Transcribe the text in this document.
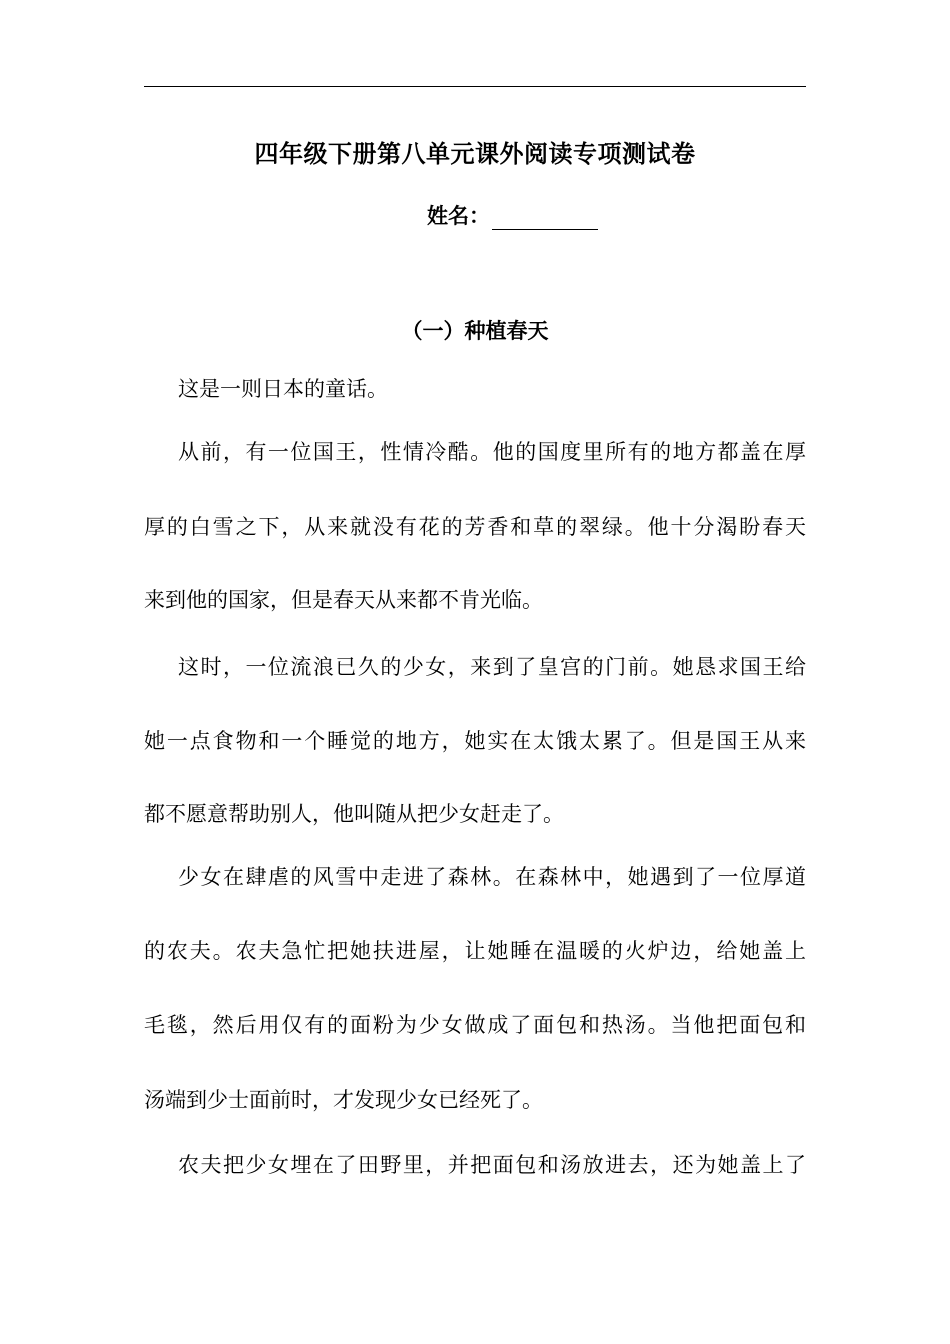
四年级下册第八单元课外阅读专项测试卷
姓名：
（一）种植春天
这是一则日本的童话。
从前，有一位国王，性情冷酷。他的国度里所有的地方都盖在厚
厚的白雪之下，从来就没有花的芳香和草的翠绿。他十分渴盼春天
来到他的国家，但是春天从来都不肯光临。
这时，一位流浪已久的少女，来到了皇宫的门前。她恳求国王给
她一点食物和一个睡觉的地方，她实在太饿太累了。但是国王从来
都不愿意帮助别人，他叫随从把少女赶走了。
少女在肆虐的风雪中走进了森林。在森林中，她遇到了一位厚道
的农夫。农夫急忙把她扶进屋，让她睡在温暖的火炉边，给她盖上
毛毯，然后用仅有的面粉为少女做成了面包和热汤。当他把面包和
汤端到少士面前时，才发现少女已经死了。
农夫把少女埋在了田野里，并把面包和汤放进去，还为她盖上了
